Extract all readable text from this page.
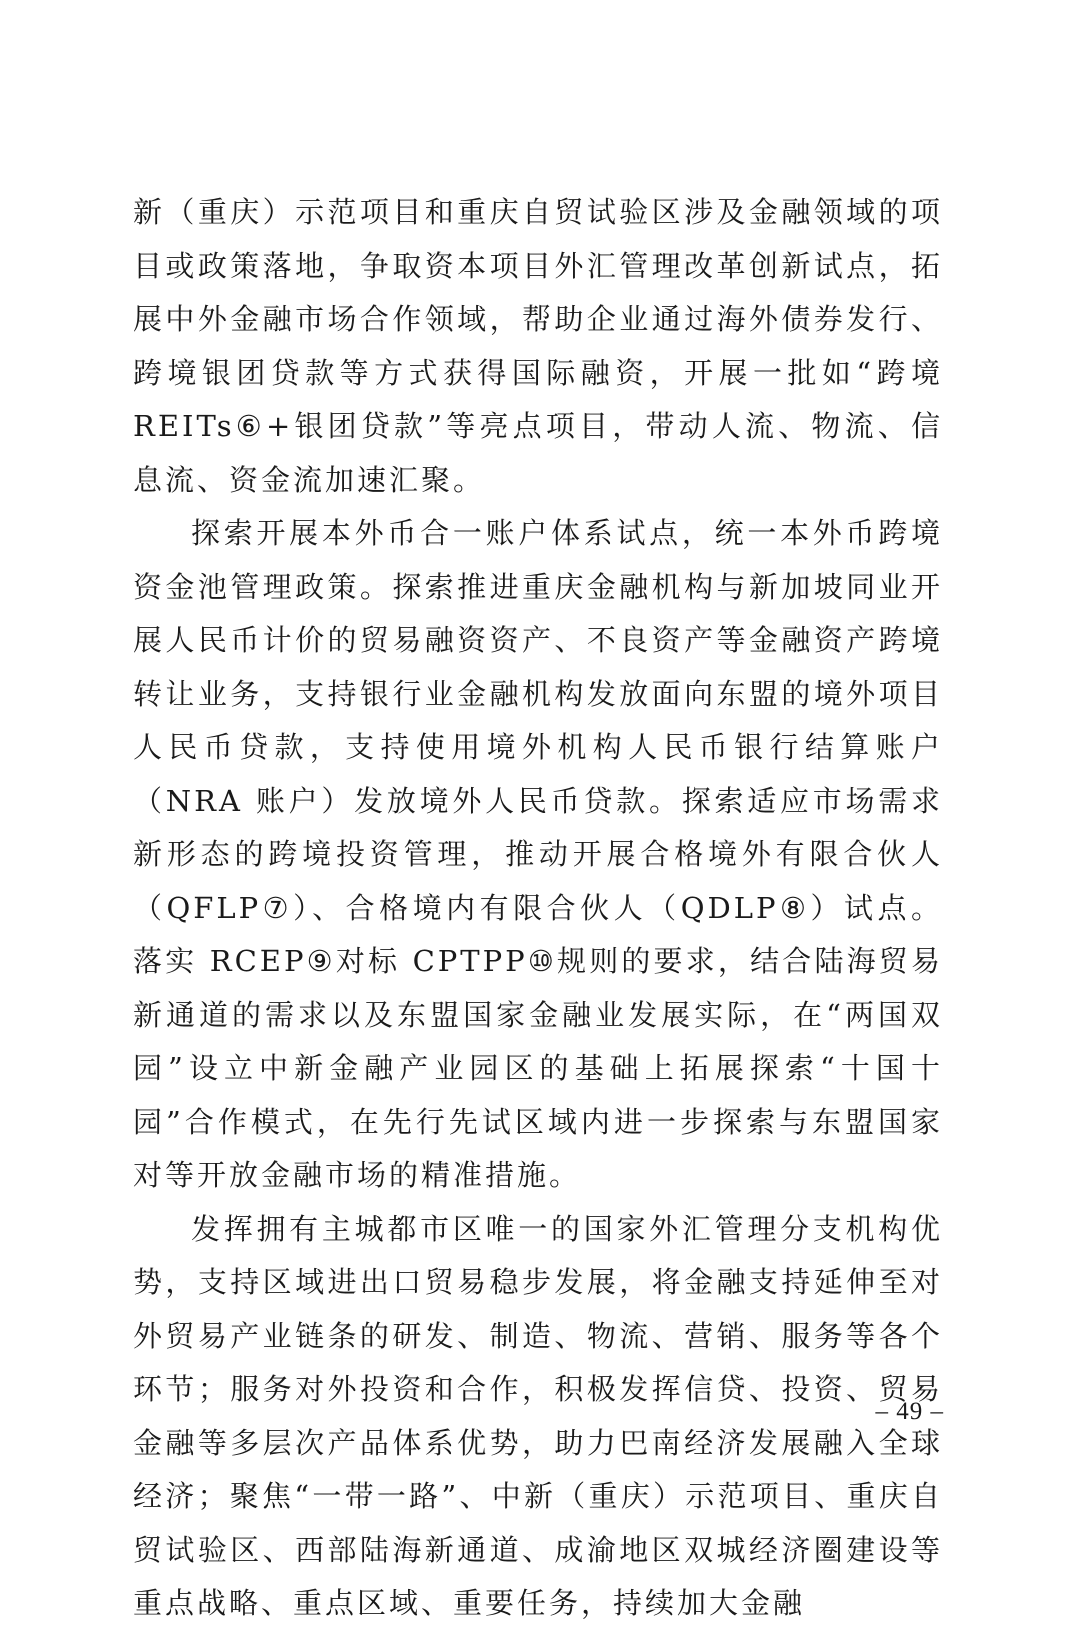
新（重庆）示范项目和重庆自贸试验区涉及金融领域的项目或政策落地，争取资本项目外汇管理改革创新试点，拓展中外金融市场合作领域，帮助企业通过海外债券发行、跨境银团贷款等方式获得国际融资，开展一批如“跨境 REITs⑥+银团贷款”等亮点项目，带动人流、物流、信息流、资金流加速汇聚。

探索开展本外币合一账户体系试点，统一本外币跨境资金池管理政策。探索推进重庆金融机构与新加坡同业开展人民币计价的贸易融资资产、不良资产等金融资产跨境转让业务，支持银行业金融机构发放面向东盟的境外项目人民币贷款，支持使用境外机构人民币银行结算账户（NRA 账户）发放境外人民币贷款。探索适应市场需求新形态的跨境投资管理，推动开展合格境外有限合伙人（QFLP⑦）、合格境内有限合伙人（QDLP⑧）试点。落实 RCEP⑨对标 CPTPP⑩规则的要求，结合陆海贸易新通道的需求以及东盟国家金融业发展实际，在“两国双园”设立中新金融产业园区的基础上拓展探索“十国十园”合作模式，在先行先试区域内进一步探索与东盟国家对等开放金融市场的精准措施。

发挥拥有主城都市区唯一的国家外汇管理分支机构优势，支持区域进出口贸易稳步发展，将金融支持延伸至对外贸易产业链条的研发、制造、物流、营销、服务等各个环节；服务对外投资和合作，积极发挥信贷、投资、贸易金融等多层次产品体系优势，助力巴南经济发展融入全球经济；聚焦“一带一路”、中新（重庆）示范项目、重庆自贸试验区、西部陆海新通道、成渝地区双城经济圈建设等重点战略、重点区域、重要任务，持续加大金融

– 49 –
